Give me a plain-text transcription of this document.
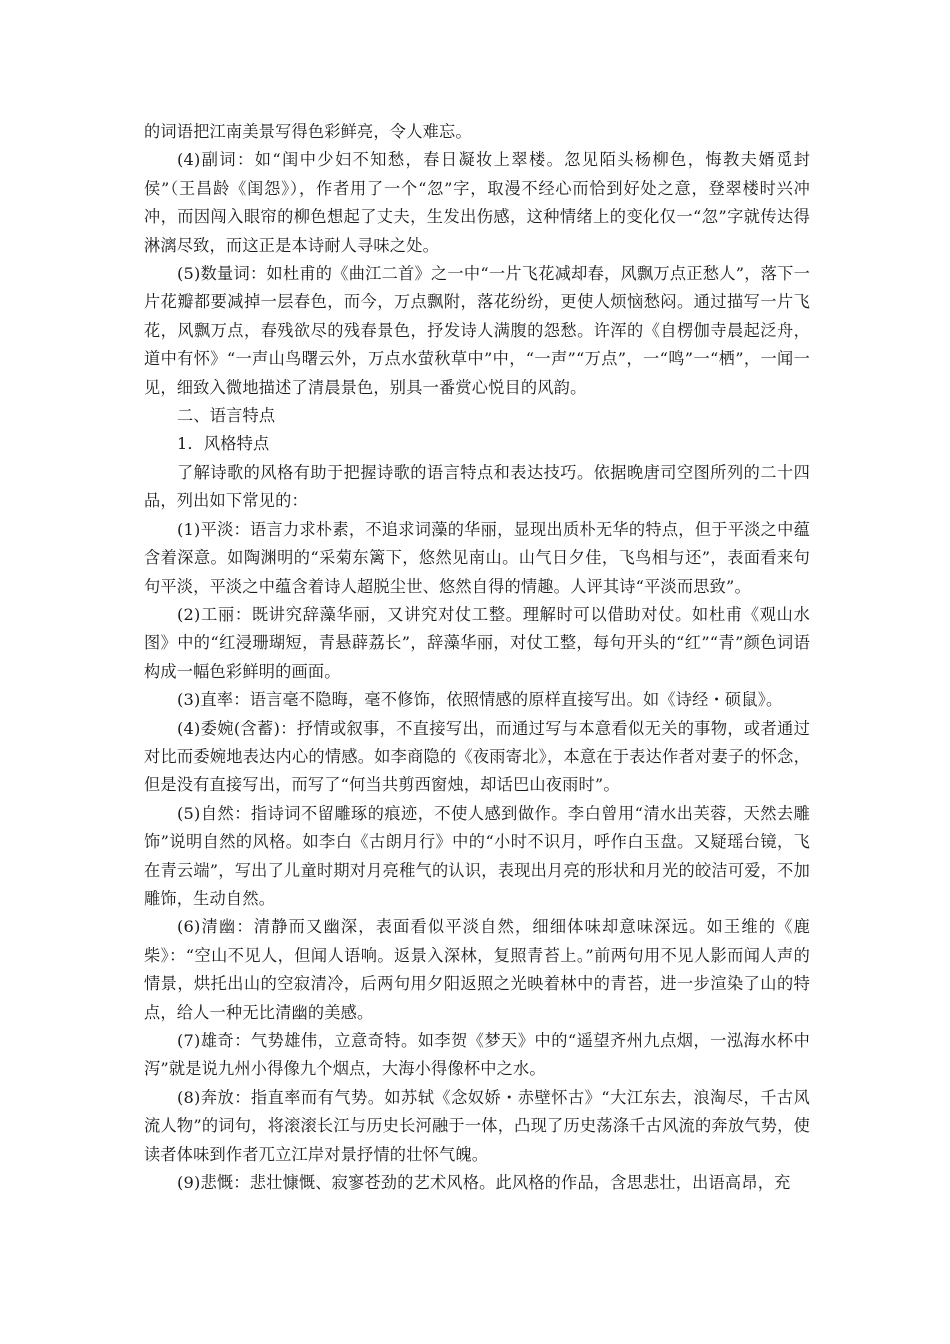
的词语把江南美景写得色彩鲜亮，令人难忘。

(4)副词：如“闺中少妇不知愁，春日凝妆上翠楼。忽见陌头杨柳色，悔教夫婿觅封侯”（王昌龄《闺怨》），作者用了一个“忽”字，取漫不经心而恰到好处之意，登翠楼时兴冲冲，而因闯入眼帘的柳色想起了丈夫，生发出伤感，这种情绪上的变化仅一“忽”字就传达得淋漓尽致，而这正是本诗耐人寻味之处。

(5)数量词：如杜甫的《曲江二首》之一中“一片飞花减却春，风飘万点正愁人”，落下一片花瓣都要减掉一层春色，而今，万点飘附，落花纷纷，更使人烦恼愁闷。通过描写一片飞花，风飘万点，春残欲尽的残春景色，抒发诗人满腹的怨愁。许浑的《自楞伽寺晨起泛舟，道中有怀》“一声山鸟曙云外，万点水萤秋草中”中，“一声”“万点”，一“鸣”一“栖”，一闻一见，细致入微地描述了清晨景色，别具一番赏心悦目的风韵。

二、语言特点

1．风格特点

了解诗歌的风格有助于把握诗歌的语言特点和表达技巧。依据晚唐司空图所列的二十四品，列出如下常见的：

(1)平淡：语言力求朴素，不追求词藻的华丽，显现出质朴无华的特点，但于平淡之中蕴含着深意。如陶渊明的“采菊东篱下，悠然见南山。山气日夕佳，飞鸟相与还”，表面看来句句平淡，平淡之中蕴含着诗人超脱尘世、悠然自得的情趣。人评其诗“平淡而思致”。

(2)工丽：既讲究辞藻华丽，又讲究对仗工整。理解时可以借助对仗。如杜甫《观山水图》中的“红浸珊瑚短，青悬薜荔长”，辞藻华丽，对仗工整，每句开头的“红”“青”颜色词语构成一幅色彩鲜明的画面。

(3)直率：语言毫不隐晦，毫不修饰，依照情感的原样直接写出。如《诗经・硕鼠》。

(4)委婉(含蓄)：抒情或叙事，不直接写出，而通过写与本意看似无关的事物，或者通过对比而委婉地表达内心的情感。如李商隐的《夜雨寄北》，本意在于表达作者对妻子的怀念，但是没有直接写出，而写了“何当共剪西窗烛，却话巴山夜雨时”。

(5)自然：指诗词不留雕琢的痕迹，不使人感到做作。李白曾用“清水出芙蓉，天然去雕饰”说明自然的风格。如李白《古朗月行》中的“小时不识月，呼作白玉盘。又疑瑶台镜，飞在青云端”，写出了儿童时期对月亮稚气的认识，表现出月亮的形状和月光的皎洁可爱，不加雕饰，生动自然。

(6)清幽：清静而又幽深，表面看似平淡自然，细细体味却意味深远。如王维的《鹿柴》：“空山不见人，但闻人语响。返景入深林，复照青苔上。”前两句用不见人影而闻人声的情景，烘托出山的空寂清冷，后两句用夕阳返照之光映着林中的青苔，进一步渲染了山的特点，给人一种无比清幽的美感。

(7)雄奇：气势雄伟，立意奇特。如李贺《梦天》中的“遥望齐州九点烟，一泓海水杯中泻”就是说九州小得像九个烟点，大海小得像杯中之水。

(8)奔放：指直率而有气势。如苏轼《念奴娇・赤壁怀古》“大江东去，浪淘尽，千古风流人物”的词句，将滚滚长江与历史长河融于一体，凸现了历史荡涤千古风流的奔放气势，使读者体味到作者兀立江岸对景抒情的壮怀气魄。

(9)悲慨：悲壮慷慨、寂寥苍劲的艺术风格。此风格的作品，含思悲壮，出语高昂，充
